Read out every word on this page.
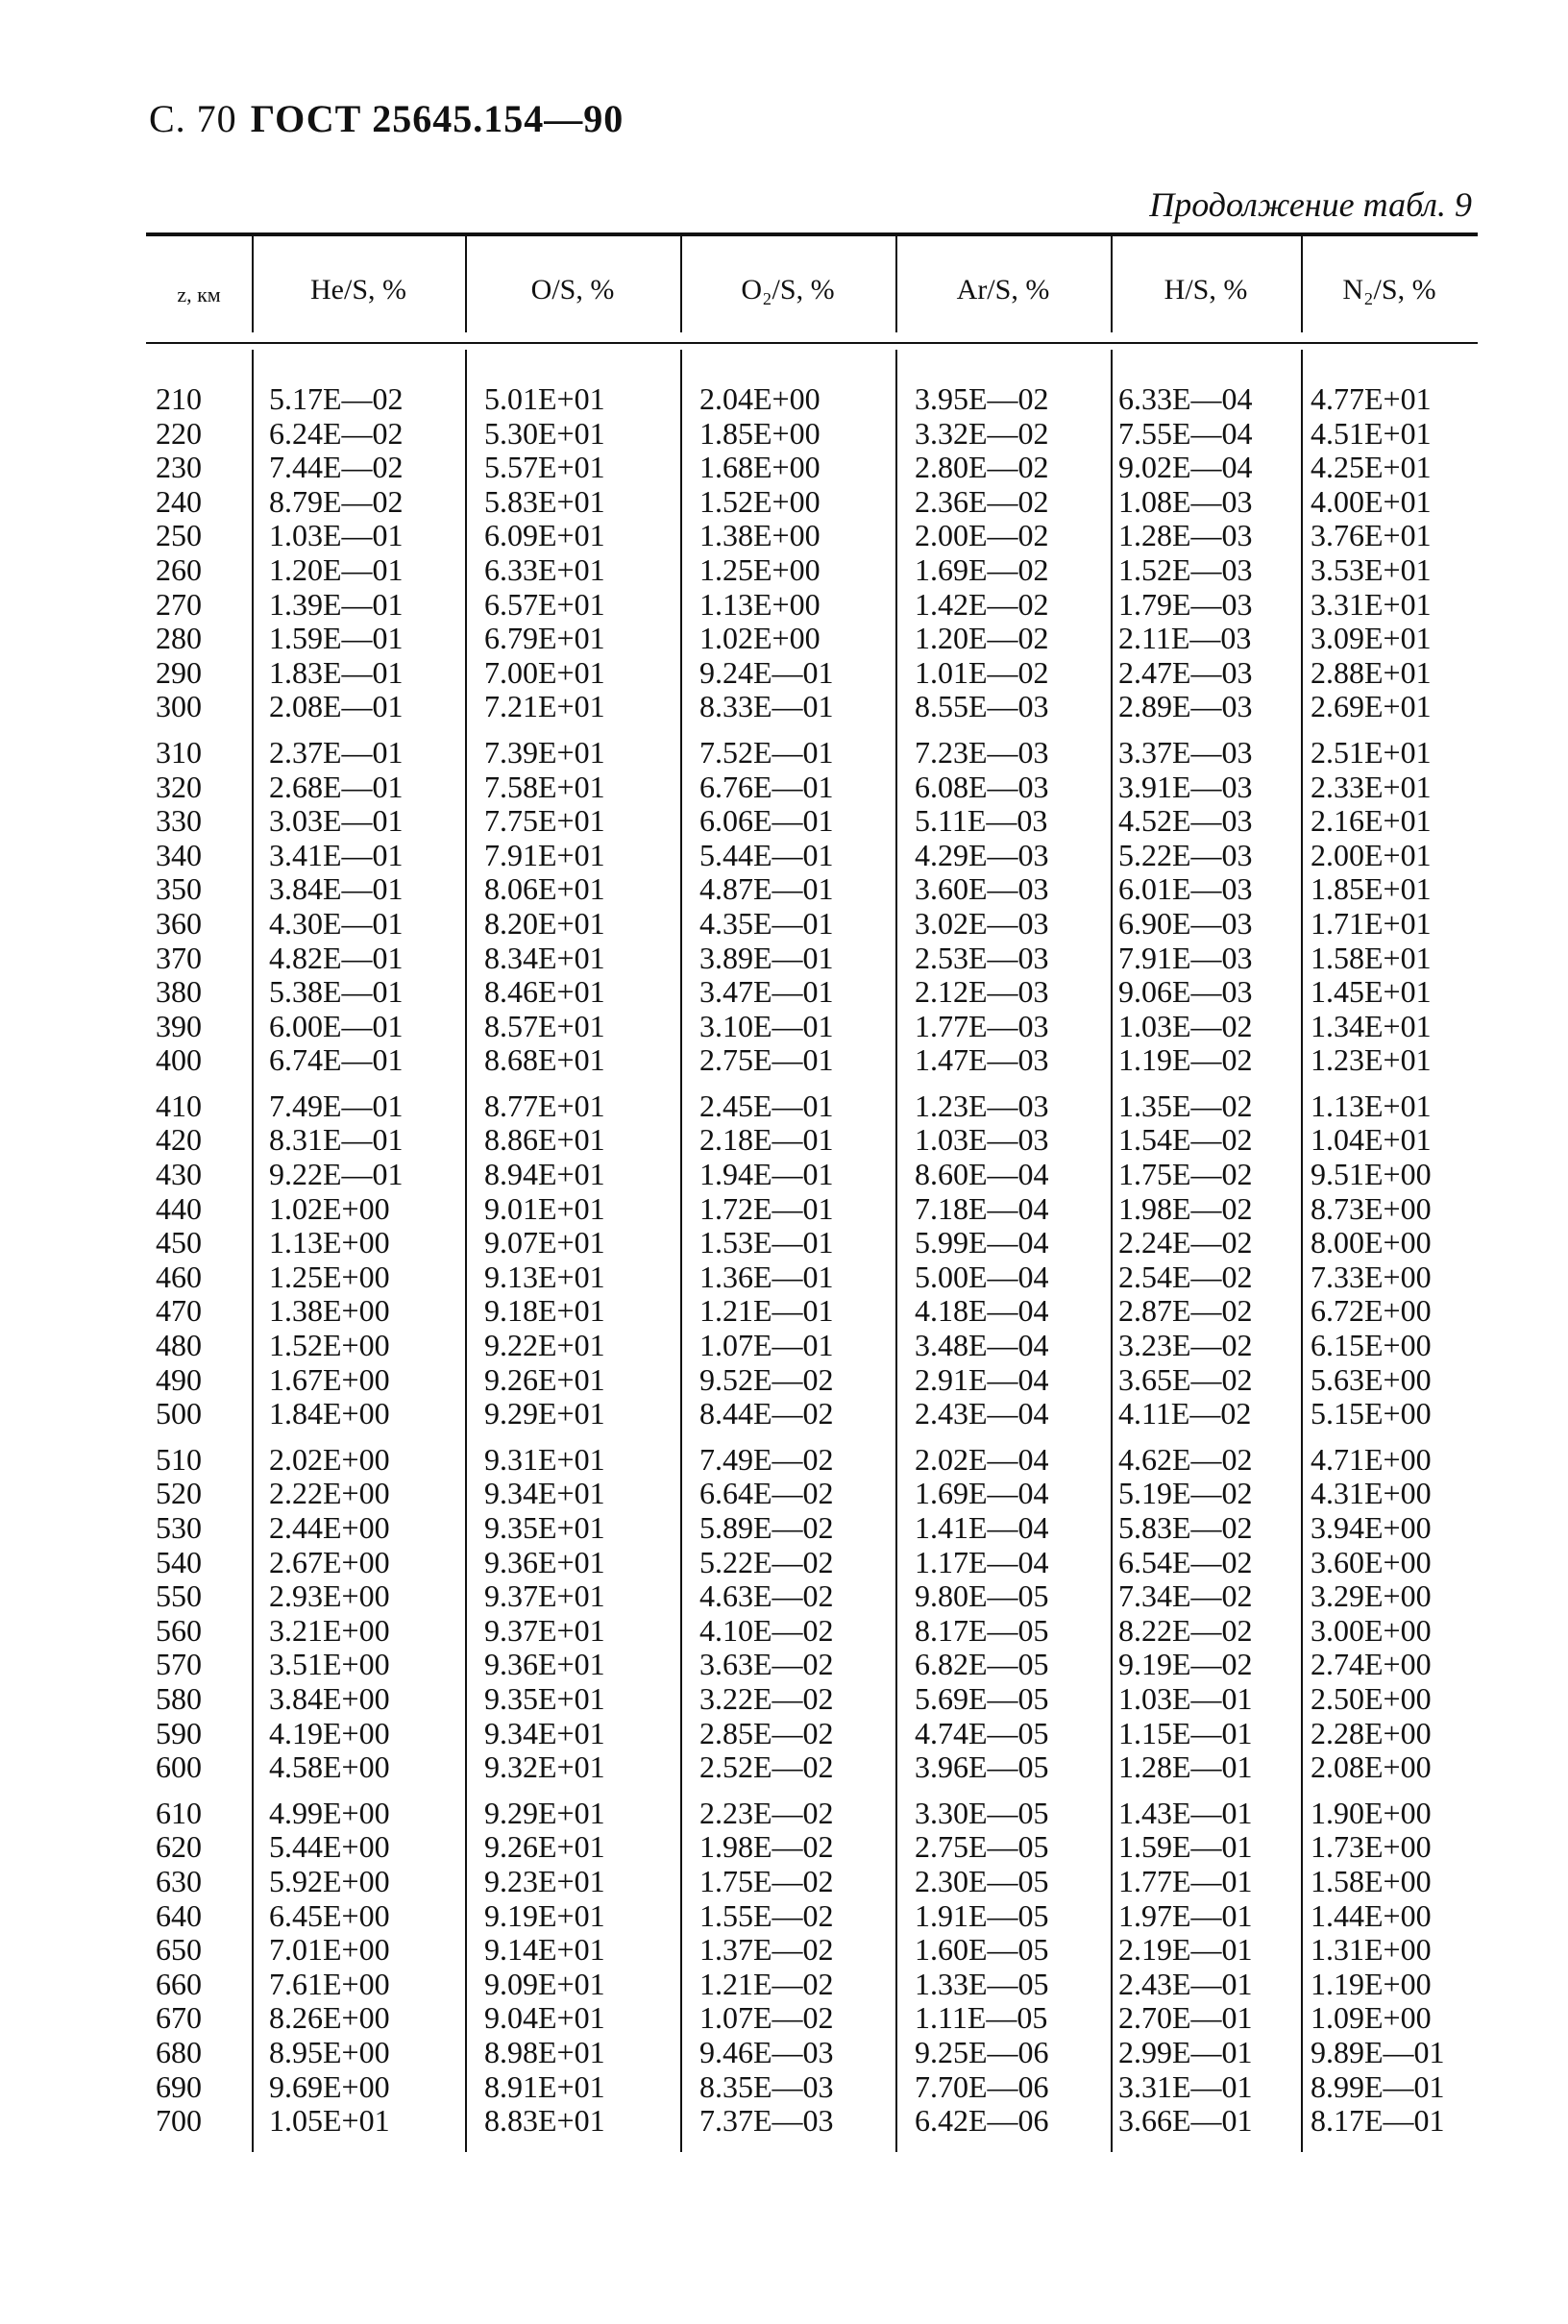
С. 70 ГОСТ 25645.154—90
Продолжение табл. 9
z, км	He/S, %	O/S, %	O₂/S, %	Ar/S, %	H/S, %	N₂/S, %
210 5.17E—02	5.01E+01	2.04E+00	3.95E—02 6.33E—04 4.77E+01
220 6.24E—02	5.30E+01	1.85E+00	3.32E—02 7.55E—04 4.51E+01
230 7.44E—02	5.57E+01	1.68E+00	2.80E—02 9.02E—04 4.25E+01
240 8.79E—02	5.83E+01	1.52E+00	2.36E—02 1.08E—03 4.00E+01
250 1.03E—01	6.09E+01	1.38E+00	2.00E—02 1.28E—03 3.76E+01
260 1.20E—01	6.33E+01	1.25E+00	1.69E—02 1.52E—03 3.53E+01
270 1.39E—01	6.57E+01	1.13E+00	1.42E—02 1.79E—03 3.31E+01
280 1.59E—01	6.79E+01	1.02E+00	1.20E—02 2.11E—03 3.09E+01
290 1.83E—01	7.00E+01	9.24E—01	1.01E—02 2.47E—03 2.88E+01
300 2.08E—01	7.21E+01	8.33E—01	8.55E—03 2.89E—03 2.69E+01
310 2.37E—01	7.39E+01	7.52E—01	7.23E—03 3.37E—03 2.51E+01
320 2.68E—01	7.58E+01	6.76E—01	6.08E—03 3.91E—03 2.33E+01
330 3.03E—01	7.75E+01	6.06E—01	5.11E—03 4.52E—03 2.16E+01
340 3.41E—01	7.91E+01	5.44E—01	4.29E—03 5.22E—03 2.00E+01
350 3.84E—01	8.06E+01	4.87E—01	3.60E—03 6.01E—03 1.85E+01
360 4.30E—01	8.20E+01	4.35E—01	3.02E—03 6.90E—03 1.71E+01
370 4.82E—01	8.34E+01	3.89E—01	2.53E—03 7.91E—03 1.58E+01
380 5.38E—01	8.46E+01	3.47E—01	2.12E—03 9.06E—03 1.45E+01
390 6.00E—01	8.57E+01	3.10E—01	1.77E—03 1.03E—02 1.34E+01
400 6.74E—01	8.68E+01	2.75E—01	1.47E—03 1.19E—02 1.23E+01
410 7.49E—01	8.77E+01	2.45E—01	1.23E—03 1.35E—02 1.13E+01
420 8.31E—01	8.86E+01	2.18E—01	1.03E—03 1.54E—02 1.04E+01
430 9.22E—01	8.94E+01	1.94E—01	8.60E—04 1.75E—02 9.51E+00
440 1.02E+00	9.01E+01	1.72E—01	7.18E—04 1.98E—02 8.73E+00
450 1.13E+00	9.07E+01	1.53E—01	5.99E—04 2.24E—02 8.00E+00
460 1.25E+00	9.13E+01	1.36E—01	5.00E—04 2.54E—02 7.33E+00
470 1.38E+00	9.18E+01	1.21E—01	4.18E—04 2.87E—02 6.72E+00
480 1.52E+00	9.22E+01	1.07E—01	3.48E—04 3.23E—02 6.15E+00
490 1.67E+00	9.26E+01	9.52E—02	2.91E—04 3.65E—02 5.63E+00
500 1.84E+00	9.29E+01	8.44E—02	2.43E—04 4.11E—02 5.15E+00
510 2.02E+00	9.31E+01	7.49E—02	2.02E—04 4.62E—02 4.71E+00
520 2.22E+00	9.34E+01	6.64E—02	1.69E—04 5.19E—02 4.31E+00
530 2.44E+00	9.35E+01	5.89E—02	1.41E—04 5.83E—02 3.94E+00
540 2.67E+00	9.36E+01	5.22E—02	1.17E—04 6.54E—02 3.60E+00
550 2.93E+00	9.37E+01	4.63E—02	9.80E—05 7.34E—02 3.29E+00
560 3.21E+00	9.37E+01	4.10E—02	8.17E—05 8.22E—02 3.00E+00
570 3.51E+00	9.36E+01	3.63E—02	6.82E—05 9.19E—02 2.74E+00
580 3.84E+00	9.35E+01	3.22E—02	5.69E—05 1.03E—01 2.50E+00
590 4.19E+00	9.34E+01	2.85E—02	4.74E—05 1.15E—01 2.28E+00
600 4.58E+00	9.32E+01	2.52E—02	3.96E—05 1.28E—01 2.08E+00
610 4.99E+00	9.29E+01	2.23E—02	3.30E—05 1.43E—01 1.90E+00
620 5.44E+00	9.26E+01	1.98E—02	2.75E—05 1.59E—01 1.73E+00
630 5.92E+00	9.23E+01	1.75E—02	2.30E—05 1.77E—01 1.58E+00
640 6.45E+00	9.19E+01	1.55E—02	1.91E—05 1.97E—01 1.44E+00
650 7.01E+00	9.14E+01	1.37E—02	1.60E—05 2.19E—01 1.31E+00
660 7.61E+00	9.09E+01	1.21E—02	1.33E—05 2.43E—01 1.19E+00
670 8.26E+00	9.04E+01	1.07E—02	1.11E—05 2.70E—01 1.09E+00
680 8.95E+00	8.98E+01	9.46E—03	9.25E—06 2.99E—01 9.89E—01
690 9.69E+00	8.91E+01	8.35E—03	7.70E—06 3.31E—01 8.99E—01
700 1.05E+01	8.83E+01	7.37E—03	6.42E—06 3.66E—01 8.17E—01
